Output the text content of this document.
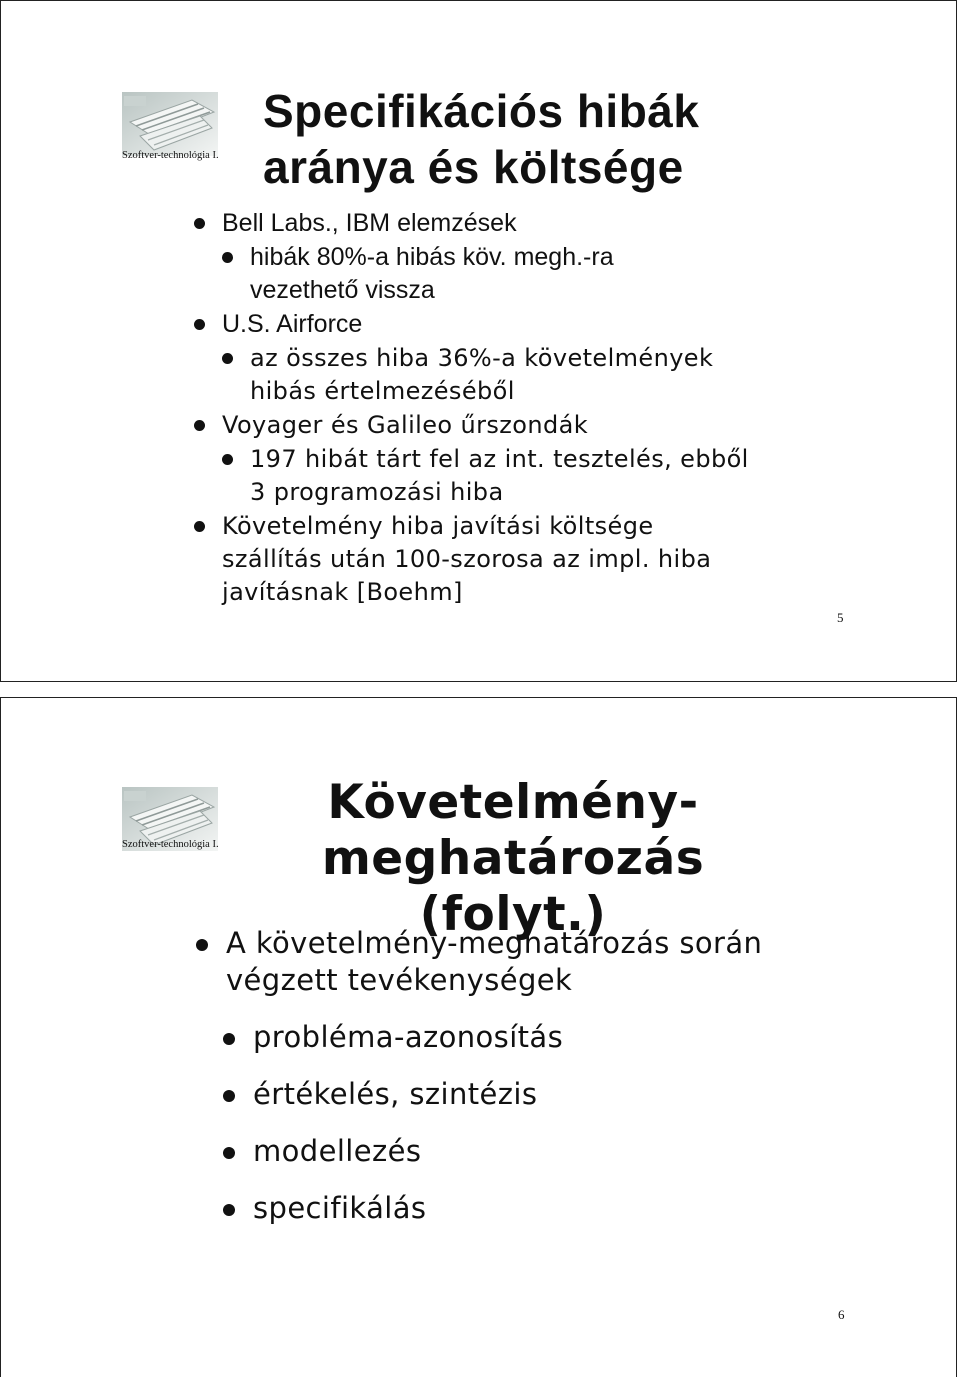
Szoftver-technológia I.
Specifikációs hibák
aránya és költsége
Bell Labs., IBM elemzések
hibák 80%-a hibás köv. megh.-ra
vezethető vissza
U.S. Airforce
az összes hiba 36%-a követelmények
hibás értelmezéséből
Voyager és Galileo űrszondák
197 hibát tárt fel az int. tesztelés, ebből
3 programozási hiba
Követelmény hiba javítási költsége
szállítás után 100-szorosa az impl. hiba
javításnak [Boehm]
5
Szoftver-technológia I.
Követelmény-
meghatározás (folyt.)
A követelmény-meghatározás során
végzett tevékenységek
probléma-azonosítás
értékelés, szintézis
modellezés
specifikálás
6
